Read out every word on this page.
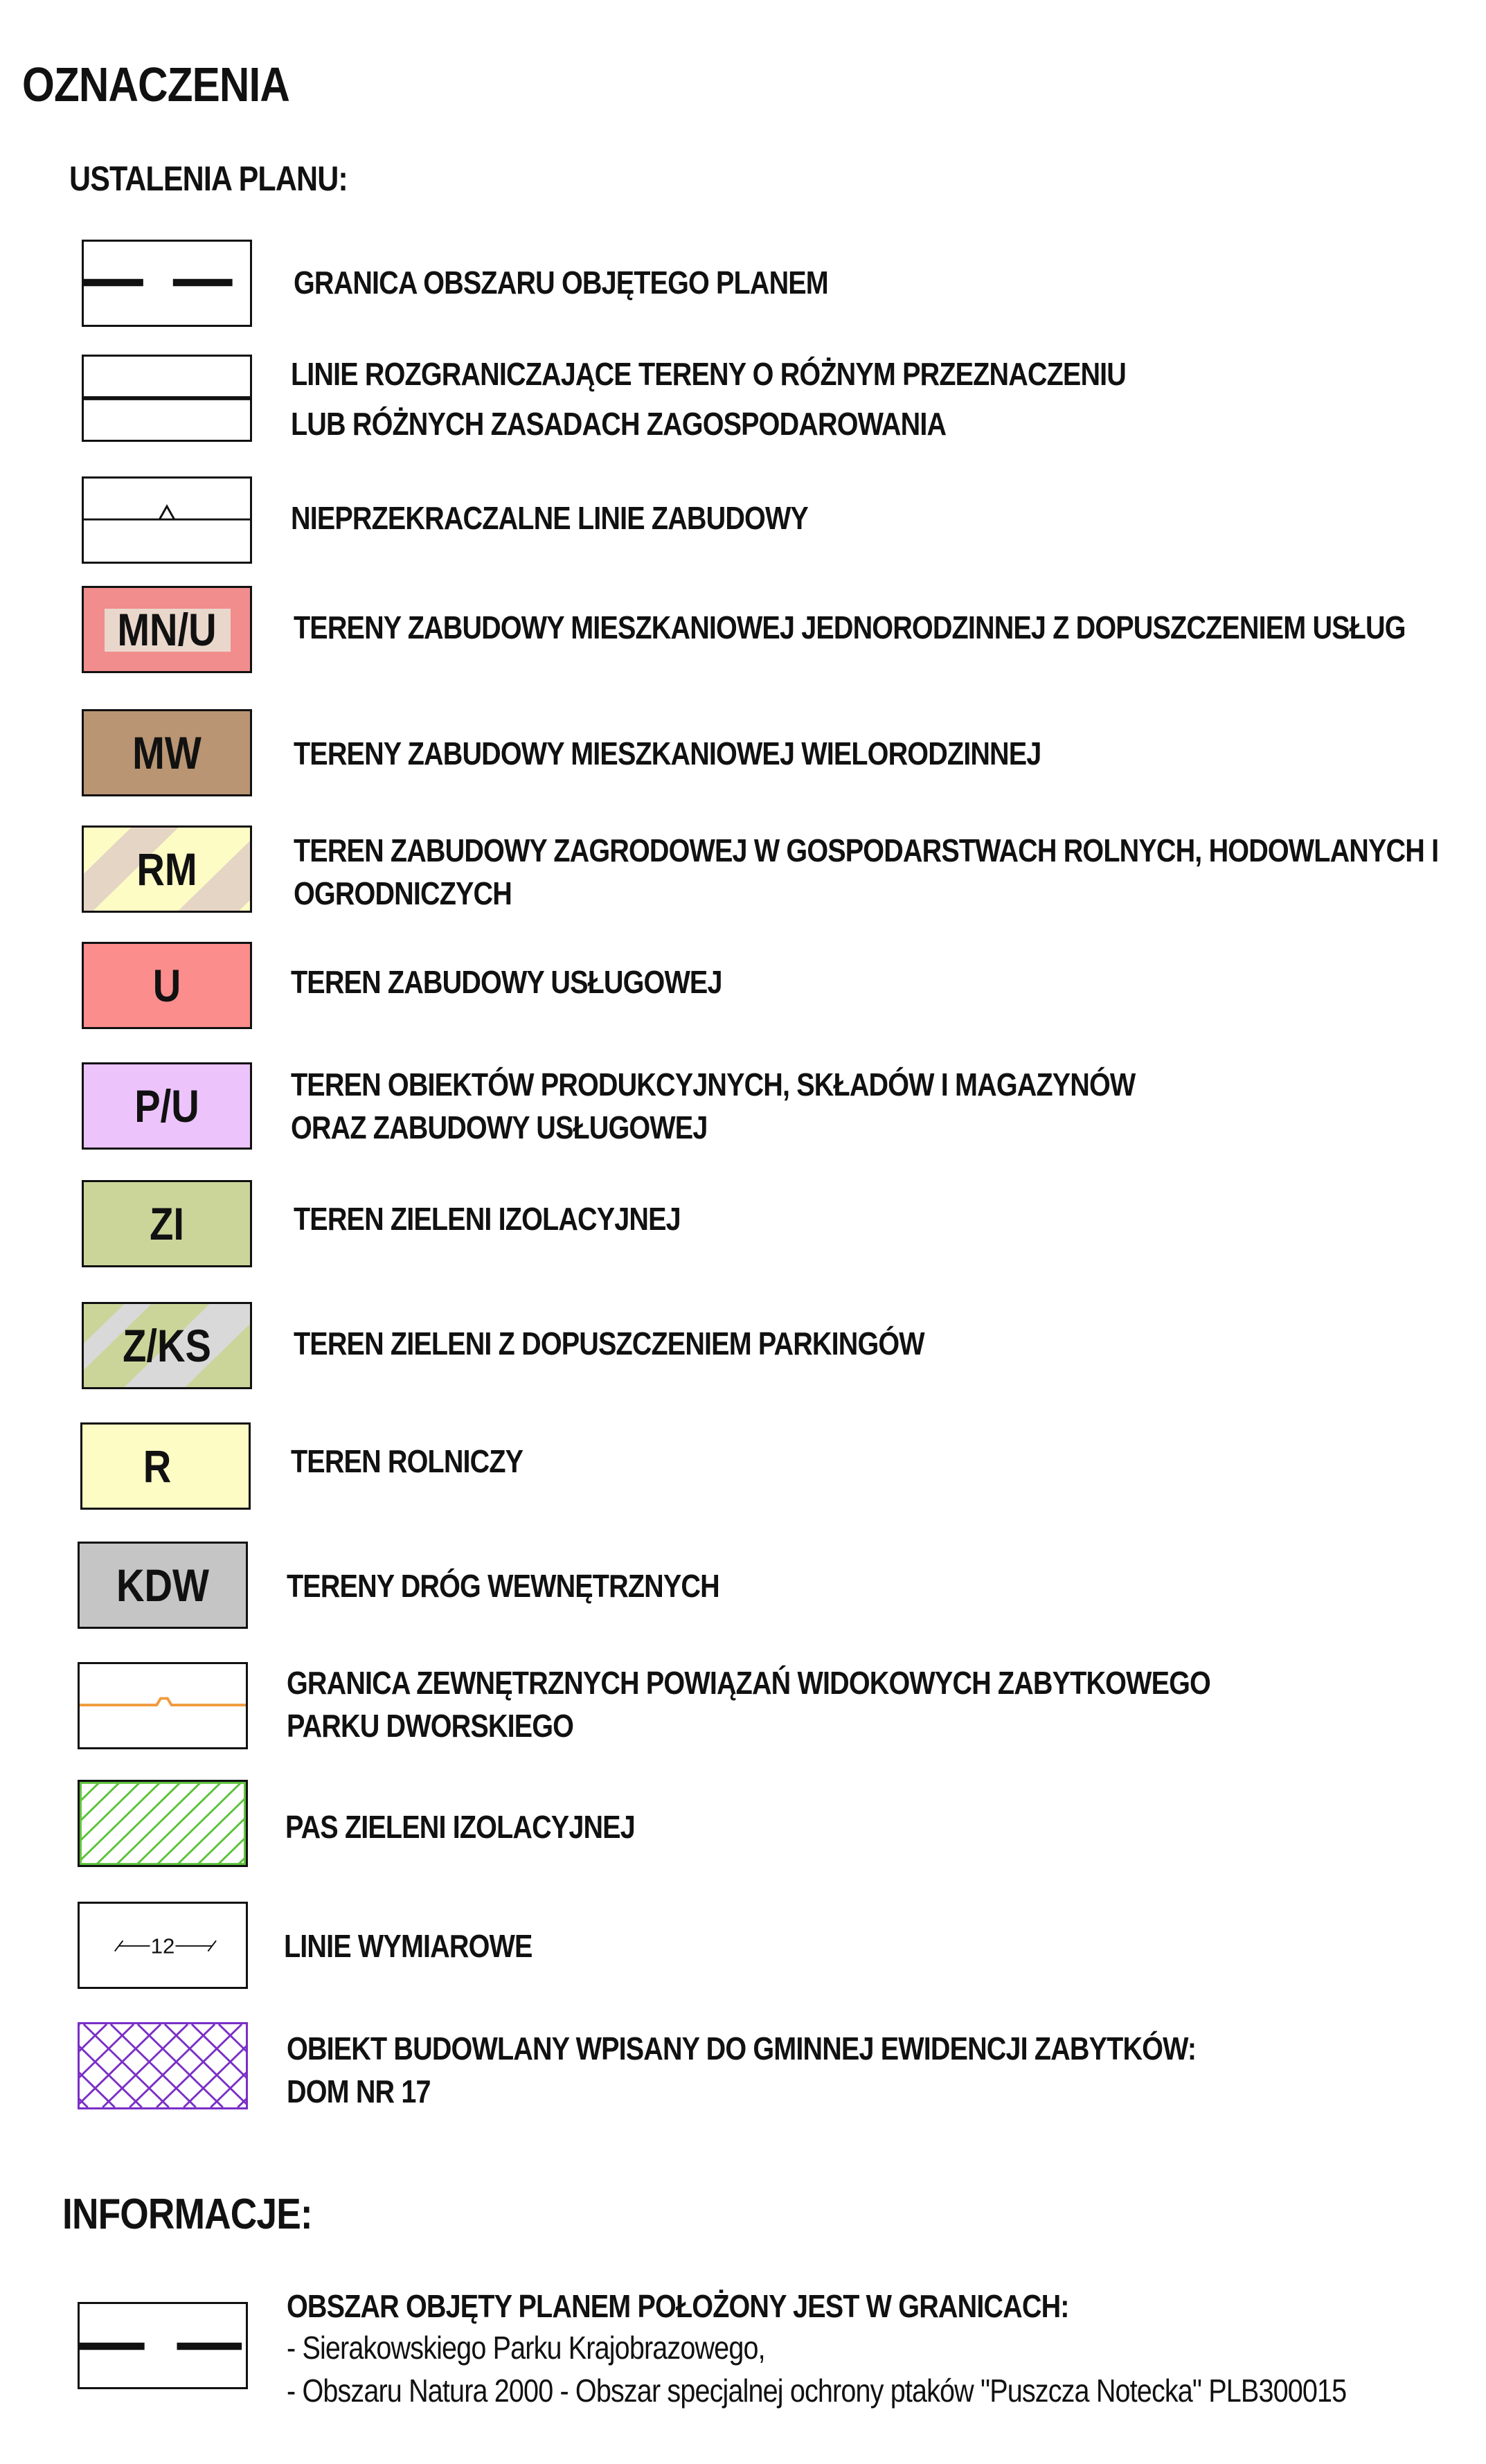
OZNACZENIA
USTALENIA PLANU:
GRANICA OBSZARU OBJĘTEGO PLANEM
LINIE ROZGRANICZAJĄCE TERENY O RÓŻNYM PRZEZNACZENIU
LUB RÓŻNYCH ZASADACH ZAGOSPODAROWANIA
NIEPRZEKRACZALNE LINIE ZABUDOWY
MN/U	TERENY ZABUDOWY MIESZKANIOWEJ JEDNORODZINNEJ Z DOPUSZCZENIEM USŁUG
MW	TERENY ZABUDOWY MIESZKANIOWEJ WIELORODZINNEJ
RM	TEREN ZABUDOWY ZAGRODOWEJ W GOSPODARSTWACH ROLNYCH, HODOWLANYCH I
OGRODNICZYCH
U	TEREN ZABUDOWY USŁUGOWEJ
P/U	TEREN OBIEKTÓW PRODUKCYJNYCH, SKŁADÓW I MAGAZYNÓW
ORAZ ZABUDOWY USŁUGOWEJ
ZI	TEREN ZIELENI IZOLACYJNEJ
Z/KS	TEREN ZIELENI Z DOPUSZCZENIEM PARKINGÓW
R	TEREN ROLNICZY
KDW	TERENY DRÓG WEWNĘTRZNYCH
GRANICA ZEWNĘTRZNYCH POWIĄZAŃ WIDOKOWYCH ZABYTKOWEGO
PARKU DWORSKIEGO
PAS ZIELENI IZOLACYJNEJ
12	LINIE WYMIAROWE
OBIEKT BUDOWLANY WPISANY DO GMINNEJ EWIDENCJI ZABYTKÓW:
DOM NR 17
INFORMACJE:
OBSZAR OBJĘTY PLANEM POŁOŻONY JEST W GRANICACH:
- Sierakowskiego Parku Krajobrazowego,
- Obszaru Natura 2000 - Obszar specjalnej ochrony ptaków "Puszcza Notecka" PLB300015
